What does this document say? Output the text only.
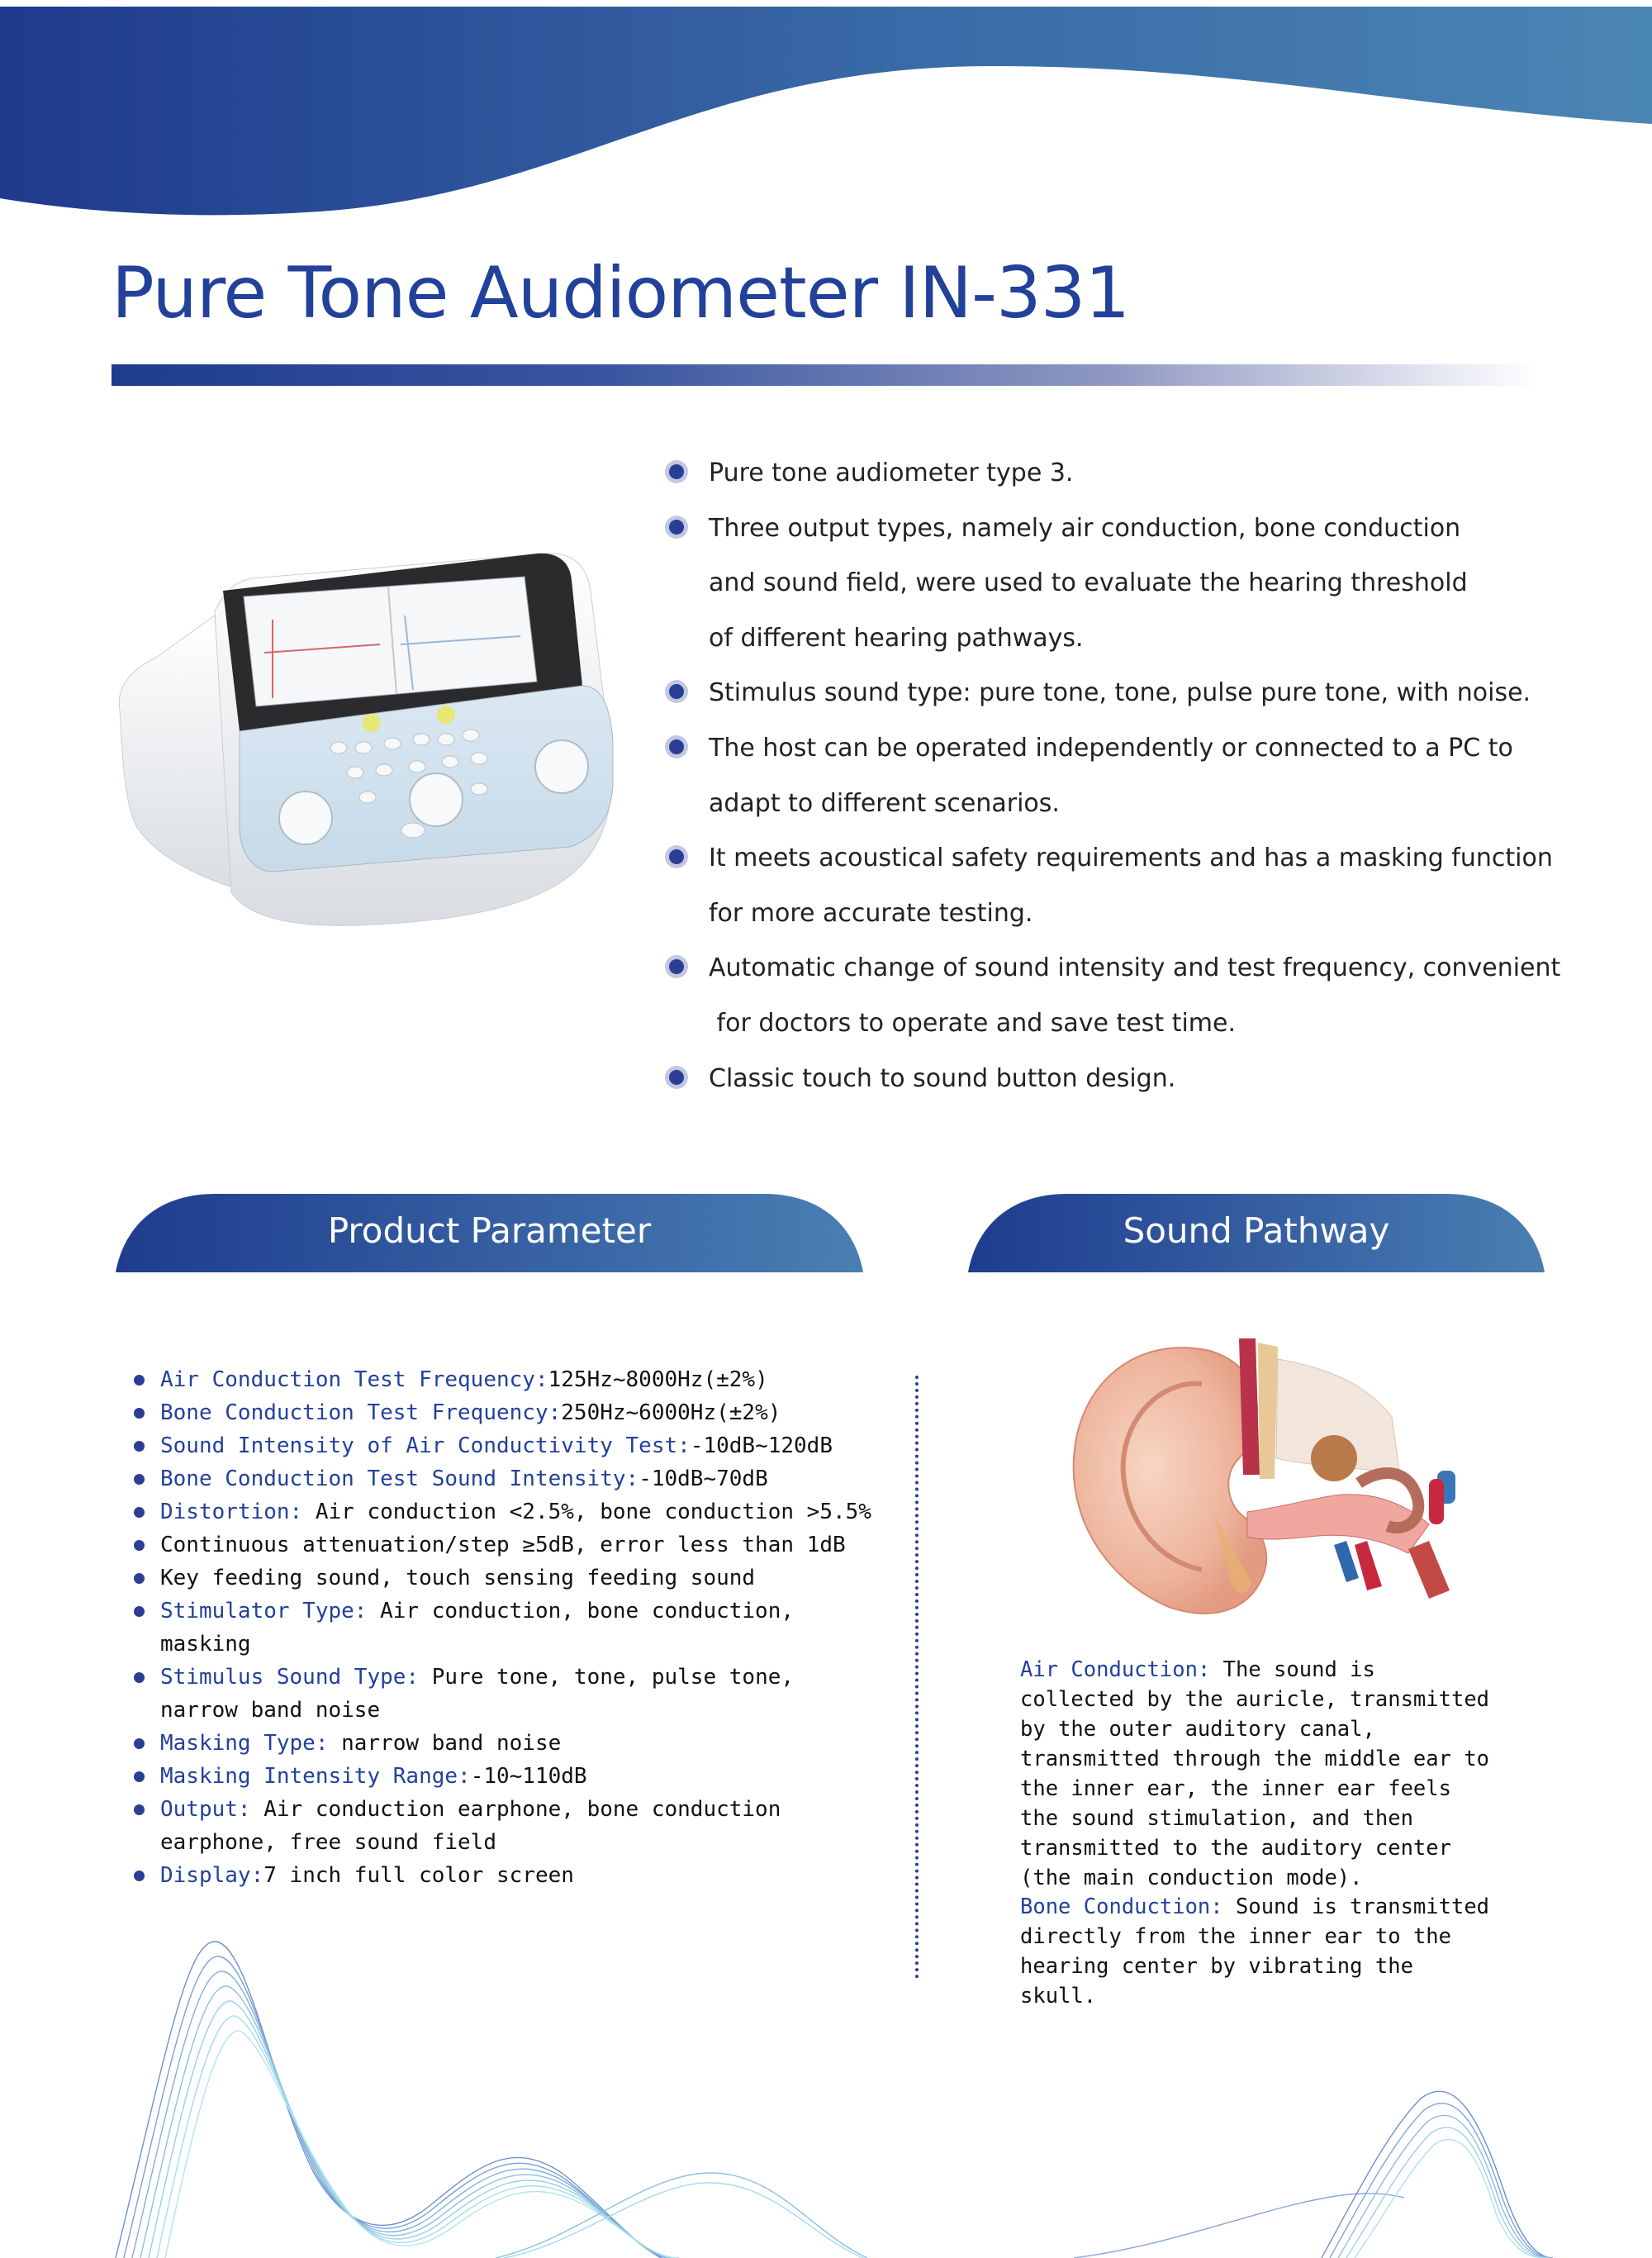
Pure Tone Audiometer IN-331
Pure tone audiometer type 3.
Three output types, namely air conduction, bone conduction
and sound field, were used to evaluate the hearing threshold
of different hearing pathways.
Stimulus sound type: pure tone, tone, pulse pure tone, with noise.
The host can be operated independently or connected to a PC to
adapt to different scenarios.
It meets acoustical safety requirements and has a masking function
for more accurate testing.
Automatic change of sound intensity and test frequency, convenient
for doctors to operate and save test time.
Classic touch to sound button design.
Product Parameter	Sound Pathway
Air Conduction Test Frequency:125Hz~8000Hz(±2%)
Bone Conduction Test Frequency:250Hz~6000Hz(±2%)
Sound Intensity of Air Conductivity Test:-10dB~120dB
Bone Conduction Test Sound Intensity:-10dB~70dB
Distortion: Air conduction <2.5%, bone conduction >5.5%
Continuous attenuation/step ≥5dB, error less than 1dB
Key feeding sound, touch sensing feeding sound
Stimulator Type: Air conduction, bone conduction, masking
Stimulus Sound Type: Pure tone, tone, pulse tone, narrow band noise
Masking Type: narrow band noise
Masking Intensity Range:-10~110dB
Output: Air conduction earphone, bone conduction earphone, free sound field
Display:7 inch full color screen

Air Conduction: The sound is collected by the auricle, transmitted by the outer auditory canal, transmitted through the middle ear to the inner ear, the inner ear feels the sound stimulation, and then transmitted to the auditory center (the main conduction mode).

Bone Conduction: Sound is transmitted directly from the inner ear to the hearing center by vibrating the skull.
